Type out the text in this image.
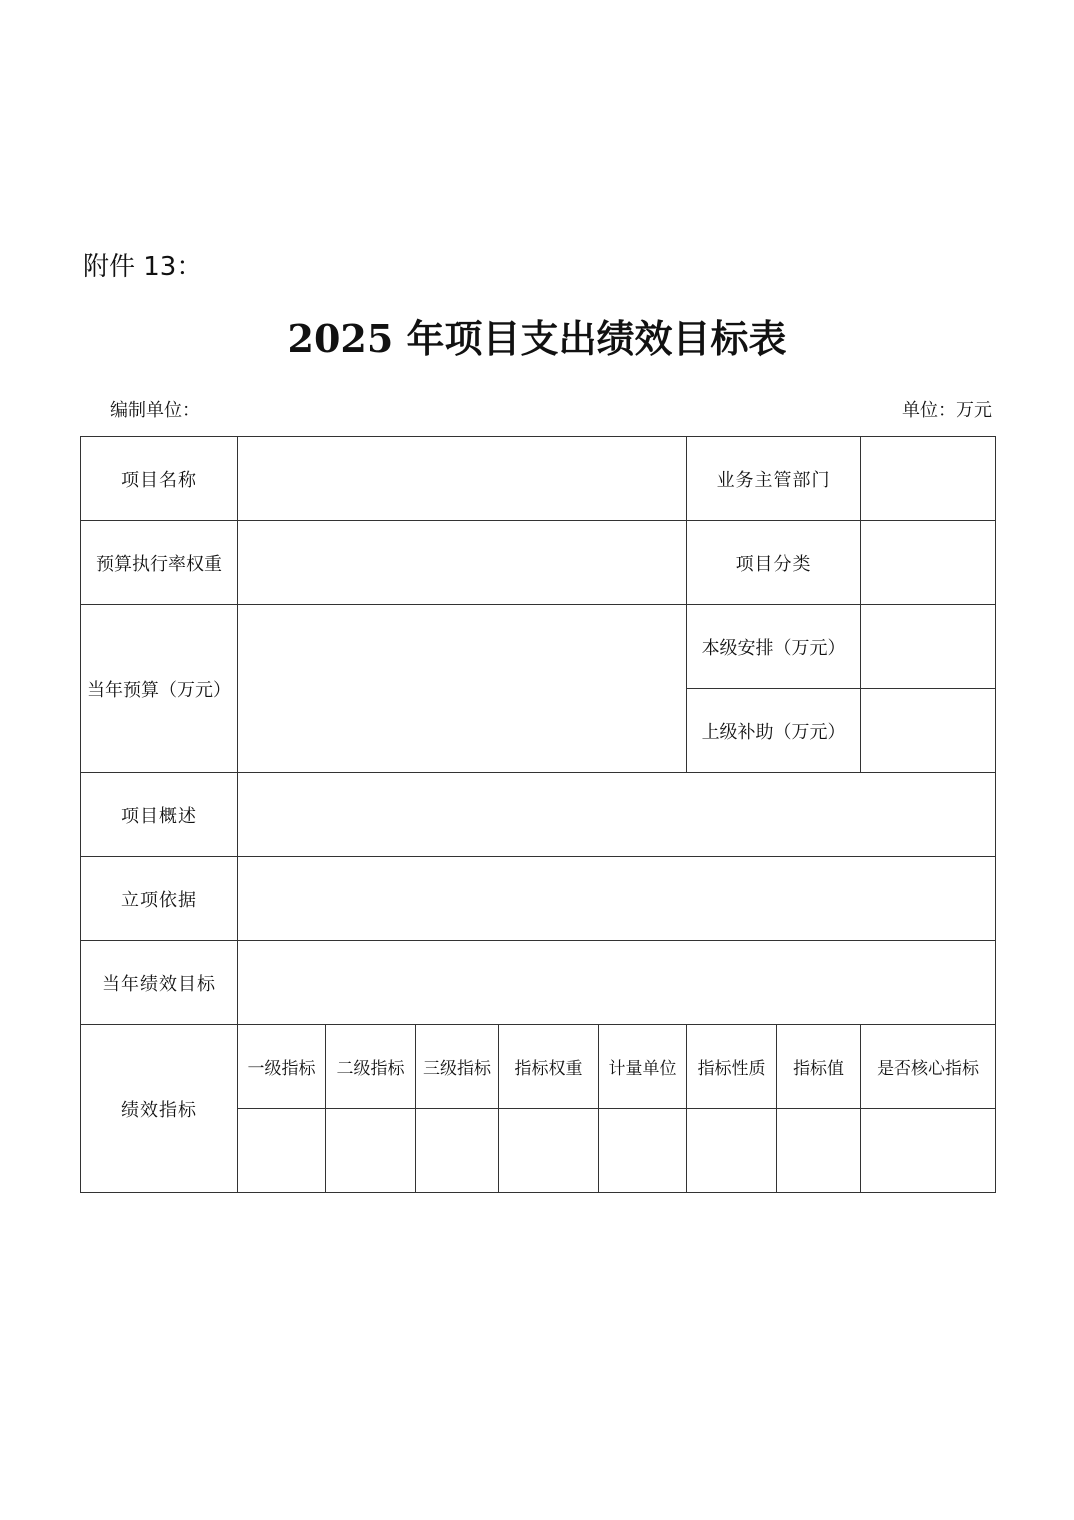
附件 13：
2025 年项目支出绩效目标表
编制单位：	单位：万元
项目名称						业务主管部门		
预算执行率权重						项目分类		
当年预算（万元）						本级安排（万元）		
						上级补助（万元）		
项目概述								
立项依据								
当年绩效目标								
绩效指标	一级指标	二级指标	三级指标	指标权重	计量单位	指标性质	指标值	是否核心指标
